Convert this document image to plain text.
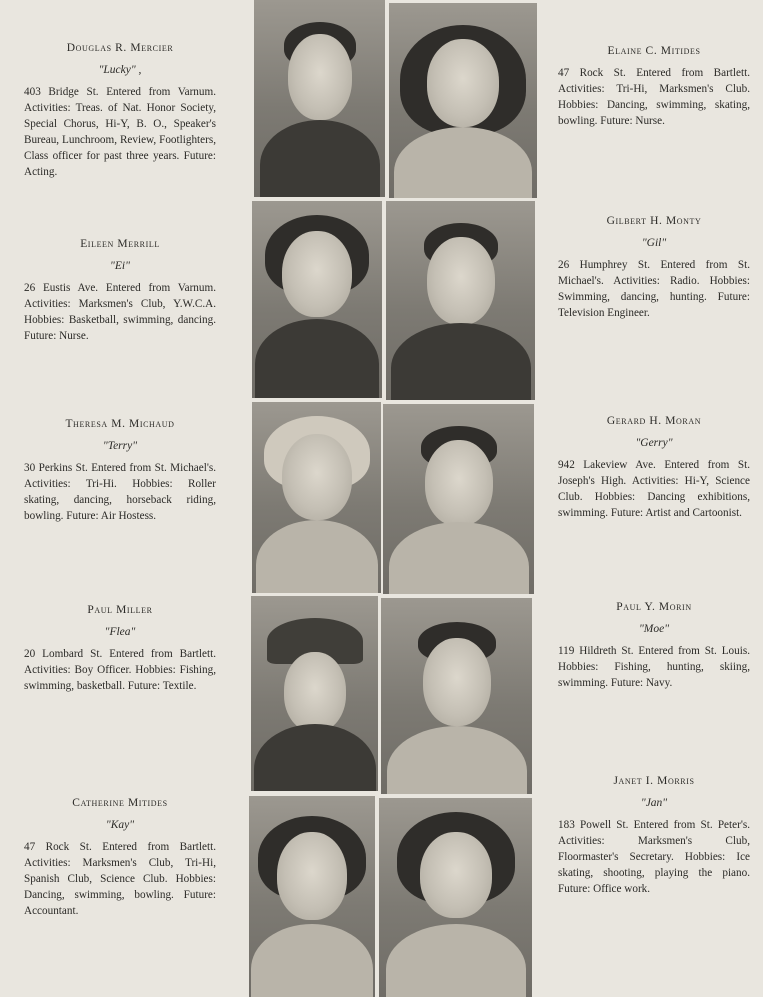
Douglas R. Mercier
"Lucky" ,
403 Bridge St. Entered from Varnum. Activities: Treas. of Nat. Honor Society, Special Chorus, Hi-Y, B. O., Speaker's Bureau, Lunchroom, Review, Footlighters, Class officer for past three years. Future: Acting.
Eileen Merrill
"Ei"
26 Eustis Ave. Entered from Varnum. Activities: Marksmen's Club, Y.W.C.A. Hobbies: Basketball, swimming, dancing. Future: Nurse.
Theresa M. Michaud
"Terry"
30 Perkins St. Entered from St. Michael's. Activities: Tri-Hi. Hobbies: Roller skating, dancing, horseback riding, bowling. Future: Air Hostess.
Paul Miller
"Flea"
20 Lombard St. Entered from Bartlett. Activities: Boy Officer. Hobbies: Fishing, swimming, basketball. Future: Textile.
Catherine Mitides
"Kay"
47 Rock St. Entered from Bartlett. Activities: Marksmen's Club, Tri-Hi, Spanish Club, Science Club. Hobbies: Dancing, swimming, bowling. Future: Accountant.
Elaine C. Mitides
47 Rock St. Entered from Bartlett. Activities: Tri-Hi, Marksmen's Club. Hobbies: Dancing, swimming, skating, bowling. Future: Nurse.
Gilbert H. Monty
"Gil"
26 Humphrey St. Entered from St. Michael's. Activities: Radio. Hobbies: Swimming, dancing, hunting. Future: Television Engineer.
Gerard H. Moran
"Gerry"
942 Lakeview Ave. Entered from St. Joseph's High. Activities: Hi-Y, Science Club. Hobbies: Dancing exhibitions, swimming. Future: Artist and Cartoonist.
Paul Y. Morin
"Moe"
119 Hildreth St. Entered from St. Louis. Hobbies: Fishing, hunting, skiing, swimming. Future: Navy.
Janet I. Morris
"Jan"
183 Powell St. Entered from St. Peter's. Activities: Marksmen's Club, Floormaster's Secretary. Hobbies: Ice skating, shooting, playing the piano. Future: Office work.
